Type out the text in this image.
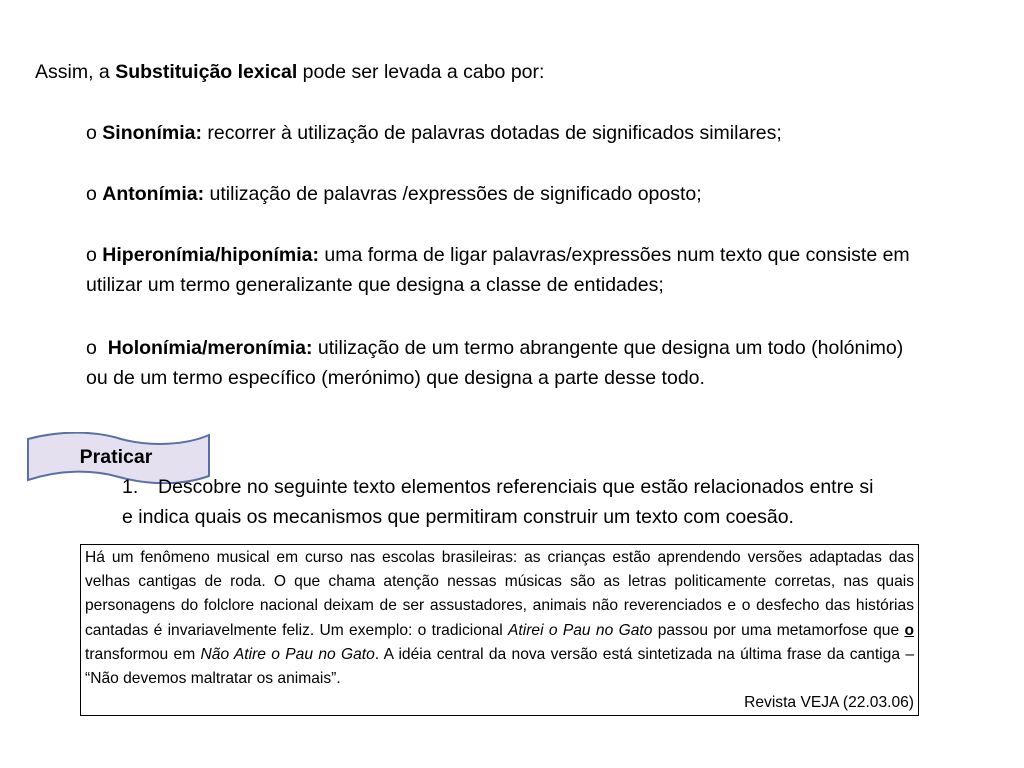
Assim, a Substituição lexical pode ser levada a cabo por:
o Sinonímia: recorrer à utilização de palavras dotadas de significados similares;
o Antonímia: utilização de palavras /expressões de significado oposto;
o Hiperonímia/hiponímia: uma forma de ligar palavras/expressões num texto que consiste em utilizar um termo generalizante que designa a classe de entidades;
o Holonímia/meronímia: utilização de um termo abrangente que designa um todo (holónimo) ou de um termo específico (merónimo) que designa a parte desse todo.
Praticar
1. Descobre no seguinte texto elementos referenciais que estão relacionados entre si
e indica quais os mecanismos que permitiram construir um texto com coesão.

Há um fenômeno musical em curso nas escolas brasileiras: as crianças estão aprendendo versões adaptadas das velhas cantigas de roda. O que chama atenção nessas músicas são as letras politicamente corretas, nas quais personagens do folclore nacional deixam de ser assustadores, animais não reverenciados e o desfecho das histórias cantadas é invariavelmente feliz. Um exemplo: o tradicional Atirei o Pau no Gato passou por uma metamorfose que o transformou em Não Atire o Pau no Gato. A idéia central da nova versão está sintetizada na última frase da cantiga – “Não devemos maltratar os animais”.

Revista VEJA (22.03.06)
